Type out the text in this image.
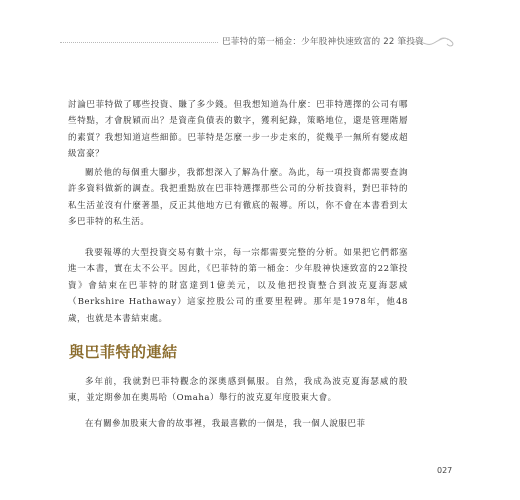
巴菲特的第一桶金：少年股神快速致富的 22 筆投資

討論巴菲特做了哪些投資、賺了多少錢。但我想知道為什麼：巴菲特選擇的公司有哪些特點，才會脫穎而出？是資產負債表的數字，獲利紀錄，策略地位，還是管理階層的素質？我想知道這些細節。巴菲特是怎麼一步一步走來的，從幾乎一無所有變成超級富豪？

關於他的每個重大腳步，我都想深入了解為什麼。為此，每一項投資都需要查詢許多資料做新的調查。我把重點放在巴菲特選擇那些公司的分析技資料，對巴菲特的私生活並沒有什麼著墨，反正其他地方已有徹底的報導。所以，你不會在本書看到太多巴菲特的私生活。

我要報導的大型投資交易有數十宗，每一宗都需要完整的分析。如果把它們都塞進一本書，實在太不公平。因此，《巴菲特的第一桶金：少年股神快速致富的22筆投資》會結束在巴菲特的財富達到1億美元，以及他把投資整合到波克夏海瑟威（Berkshire Hathaway）這家控股公司的重要里程碑。那年是1978年，他48歲，也就是本書結束處。

多年前，我就對巴菲特觀念的深奧感到佩服。自然，我成為波克夏海瑟威的股東，並定期參加在奧馬哈（Omaha）舉行的波克夏年度股東大會。

在有關參加股東大會的故事裡，我最喜歡的一個是，我一個人說服巴菲

與巴菲特的連結
027
